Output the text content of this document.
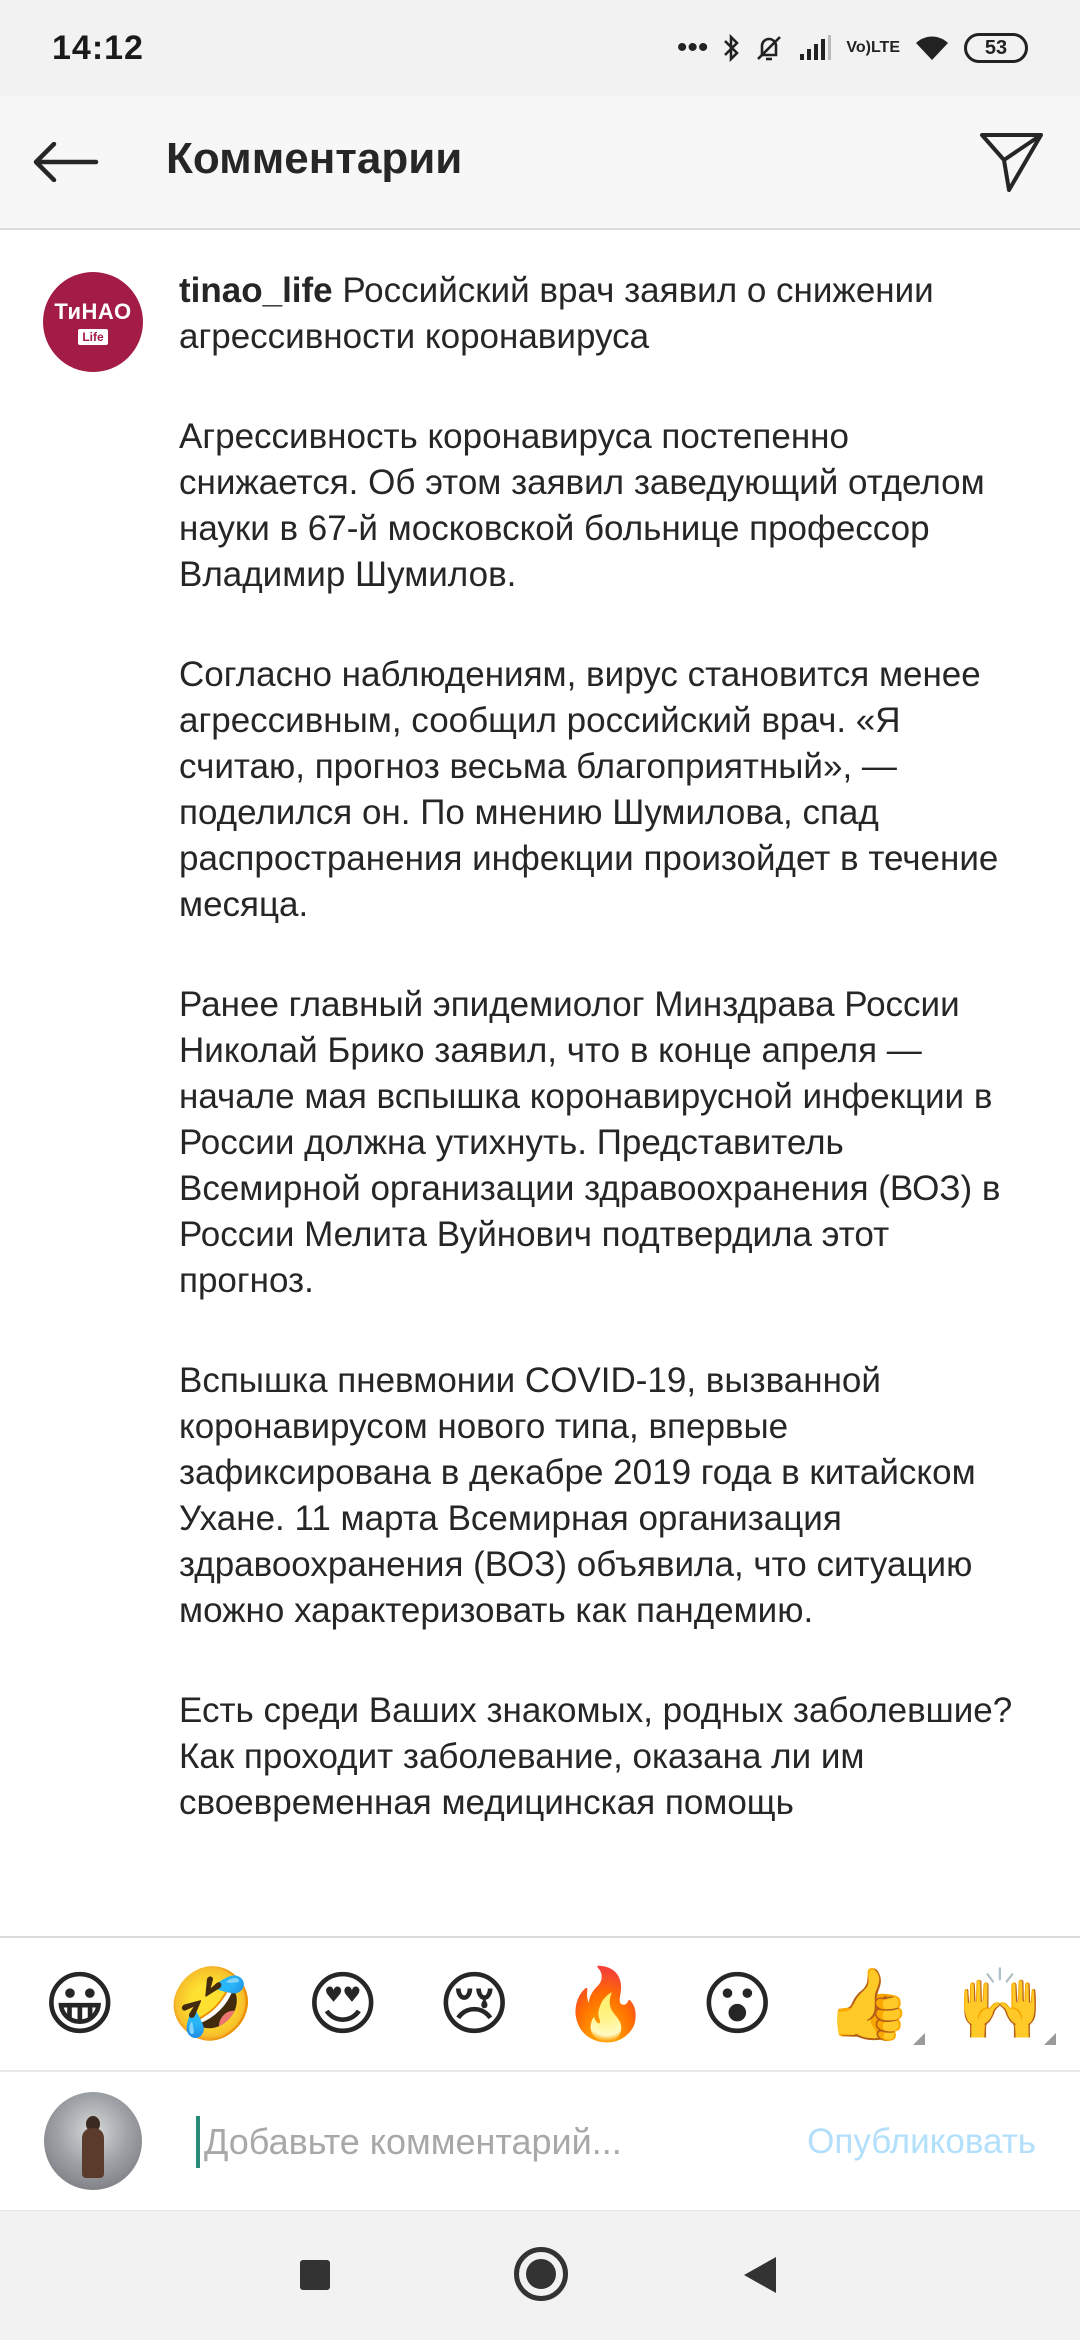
14:12	•••	Vo) LTE	53
Комментарии
ТиНАО
Life
tinao_life Российский врач заявил о снижении агрессивности коронавируса
Агрессивность коронавируса постепенно снижается. Об этом заявил заведующий отделом науки в 67-й московской больнице профессор Владимир Шумилов.
Согласно наблюдениям, вирус становится менее агрессивным, сообщил российский врач. «Я считаю, прогноз весьма благоприятный», — поделился он. По мнению Шумилова, спад распространения инфекции произойдет в течение месяца.
Ранее главный эпидемиолог Минздрава России Николай Брико заявил, что в конце апреля — начале мая вспышка коронавирусной инфекции в России должна утихнуть. Представитель Всемирной организации здравоохранения (ВОЗ) в России Мелита Вуйнович подтвердила этот прогноз.
Вспышка пневмонии COVID-19, вызванной коронавирусом нового типа, впервые зафиксирована в декабре 2019 года в китайском Ухане. 11 марта Всемирная организация здравоохранения (ВОЗ) объявила, что ситуацию можно характеризовать как пандемию.
Есть среди Ваших знакомых, родных заболевшие?
Как проходит заболевание, оказана ли им своевременная медицинская помощь
😀 🤣 😍 😢 🔥 😮 👍 🙌
Добавьте комментарий...
Опубликовать
